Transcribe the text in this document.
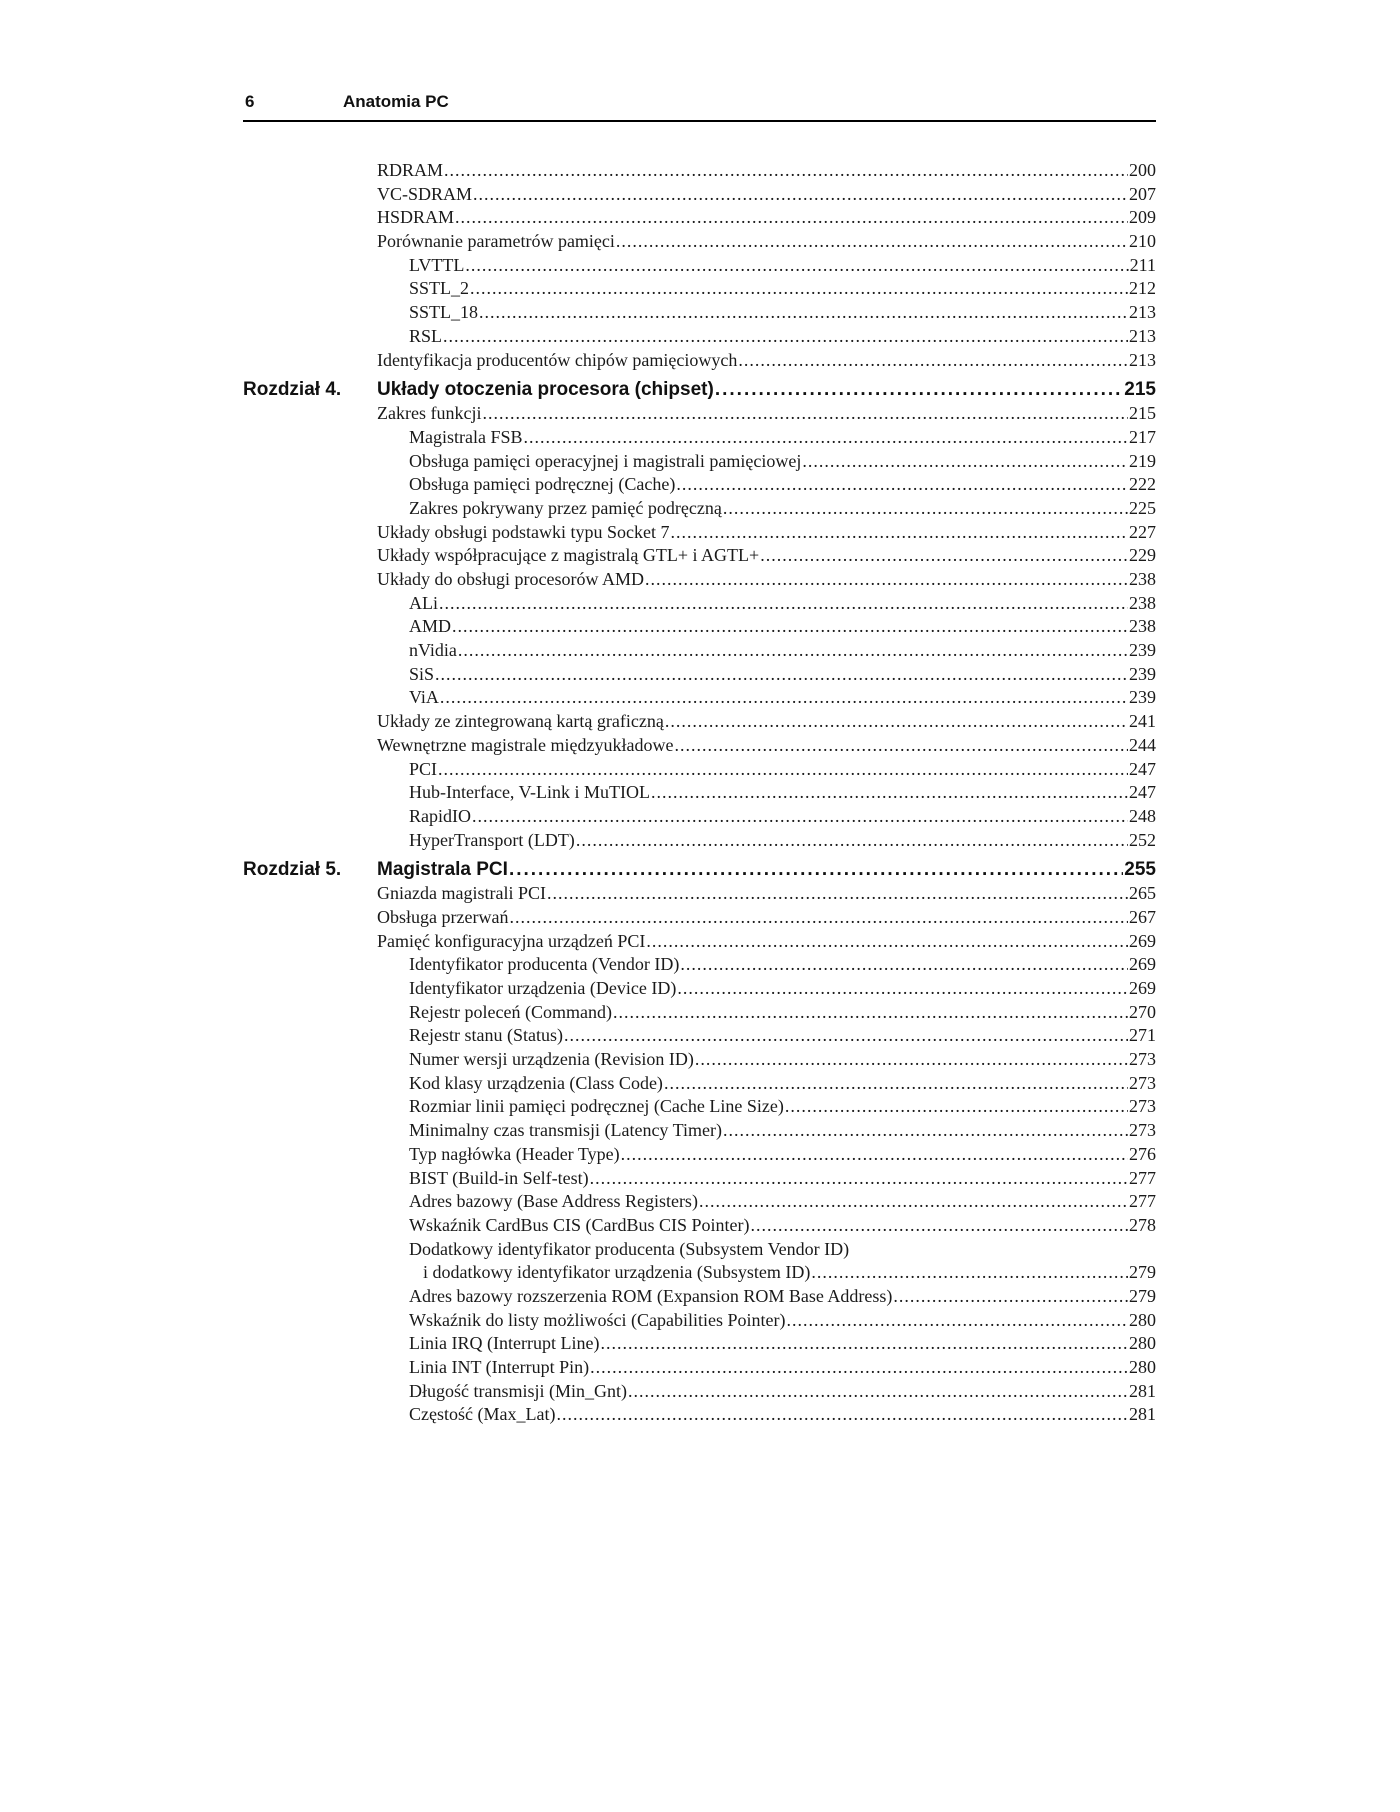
6	Anatomia PC
RDRAM .....	200
VC-SDRAM .....	207
HSDRAM .....	209
Porównanie parametrów pamięci .....	210
LVTTL .....	211
SSTL_2 .....	212
SSTL_18 .....	213
RSL .....	213
Identyfikacja producentów chipów pamięciowych .....	213
Rozdział 4. Układy otoczenia procesora (chipset) .....	215
Zakres funkcji .....	215
Magistrala FSB .....	217
Obsługa pamięci operacyjnej i magistrali pamięciowej .....	219
Obsługa pamięci podręcznej (Cache) .....	222
Zakres pokrywany przez pamięć podręczną .....	225
Układy obsługi podstawki typu Socket 7 .....	227
Układy współpracujące z magistralą GTL+ i AGTL+ .....	229
Układy do obsługi procesorów AMD .....	238
ALi .....	238
AMD .....	238
nVidia .....	239
SiS .....	239
ViA .....	239
Układy ze zintegrowaną kartą graficzną .....	241
Wewnętrzne magistrale międzyukładowe .....	244
PCI .....	247
Hub-Interface, V-Link i MuTIOL .....	247
RapidIO .....	248
HyperTransport (LDT) .....	252
Rozdział 5. Magistrala PCI .....	255
Gniazda magistrali PCI .....	265
Obsługa przerwań .....	267
Pamięć konfiguracyjna urządzeń PCI .....	269
Identyfikator producenta (Vendor ID) .....	269
Identyfikator urządzenia (Device ID) .....	269
Rejestr poleceń (Command) .....	270
Rejestr stanu (Status) .....	271
Numer wersji urządzenia (Revision ID) .....	273
Kod klasy urządzenia (Class Code) .....	273
Rozmiar linii pamięci podręcznej (Cache Line Size) .....	273
Minimalny czas transmisji (Latency Timer) .....	273
Typ nagłówka (Header Type) .....	276
BIST (Build-in Self-test) .....	277
Adres bazowy (Base Address Registers) .....	277
Wskaźnik CardBus CIS (CardBus CIS Pointer) .....	278
Dodatkowy identyfikator producenta (Subsystem Vendor ID)
i dodatkowy identyfikator urządzenia (Subsystem ID) .....	279
Adres bazowy rozszerzenia ROM (Expansion ROM Base Address) .....	279
Wskaźnik do listy możliwości (Capabilities Pointer) .....	280
Linia IRQ (Interrupt Line) .....	280
Linia INT (Interrupt Pin) .....	280
Długość transmisji (Min_Gnt) .....	281
Częstość (Max_Lat) .....	281
